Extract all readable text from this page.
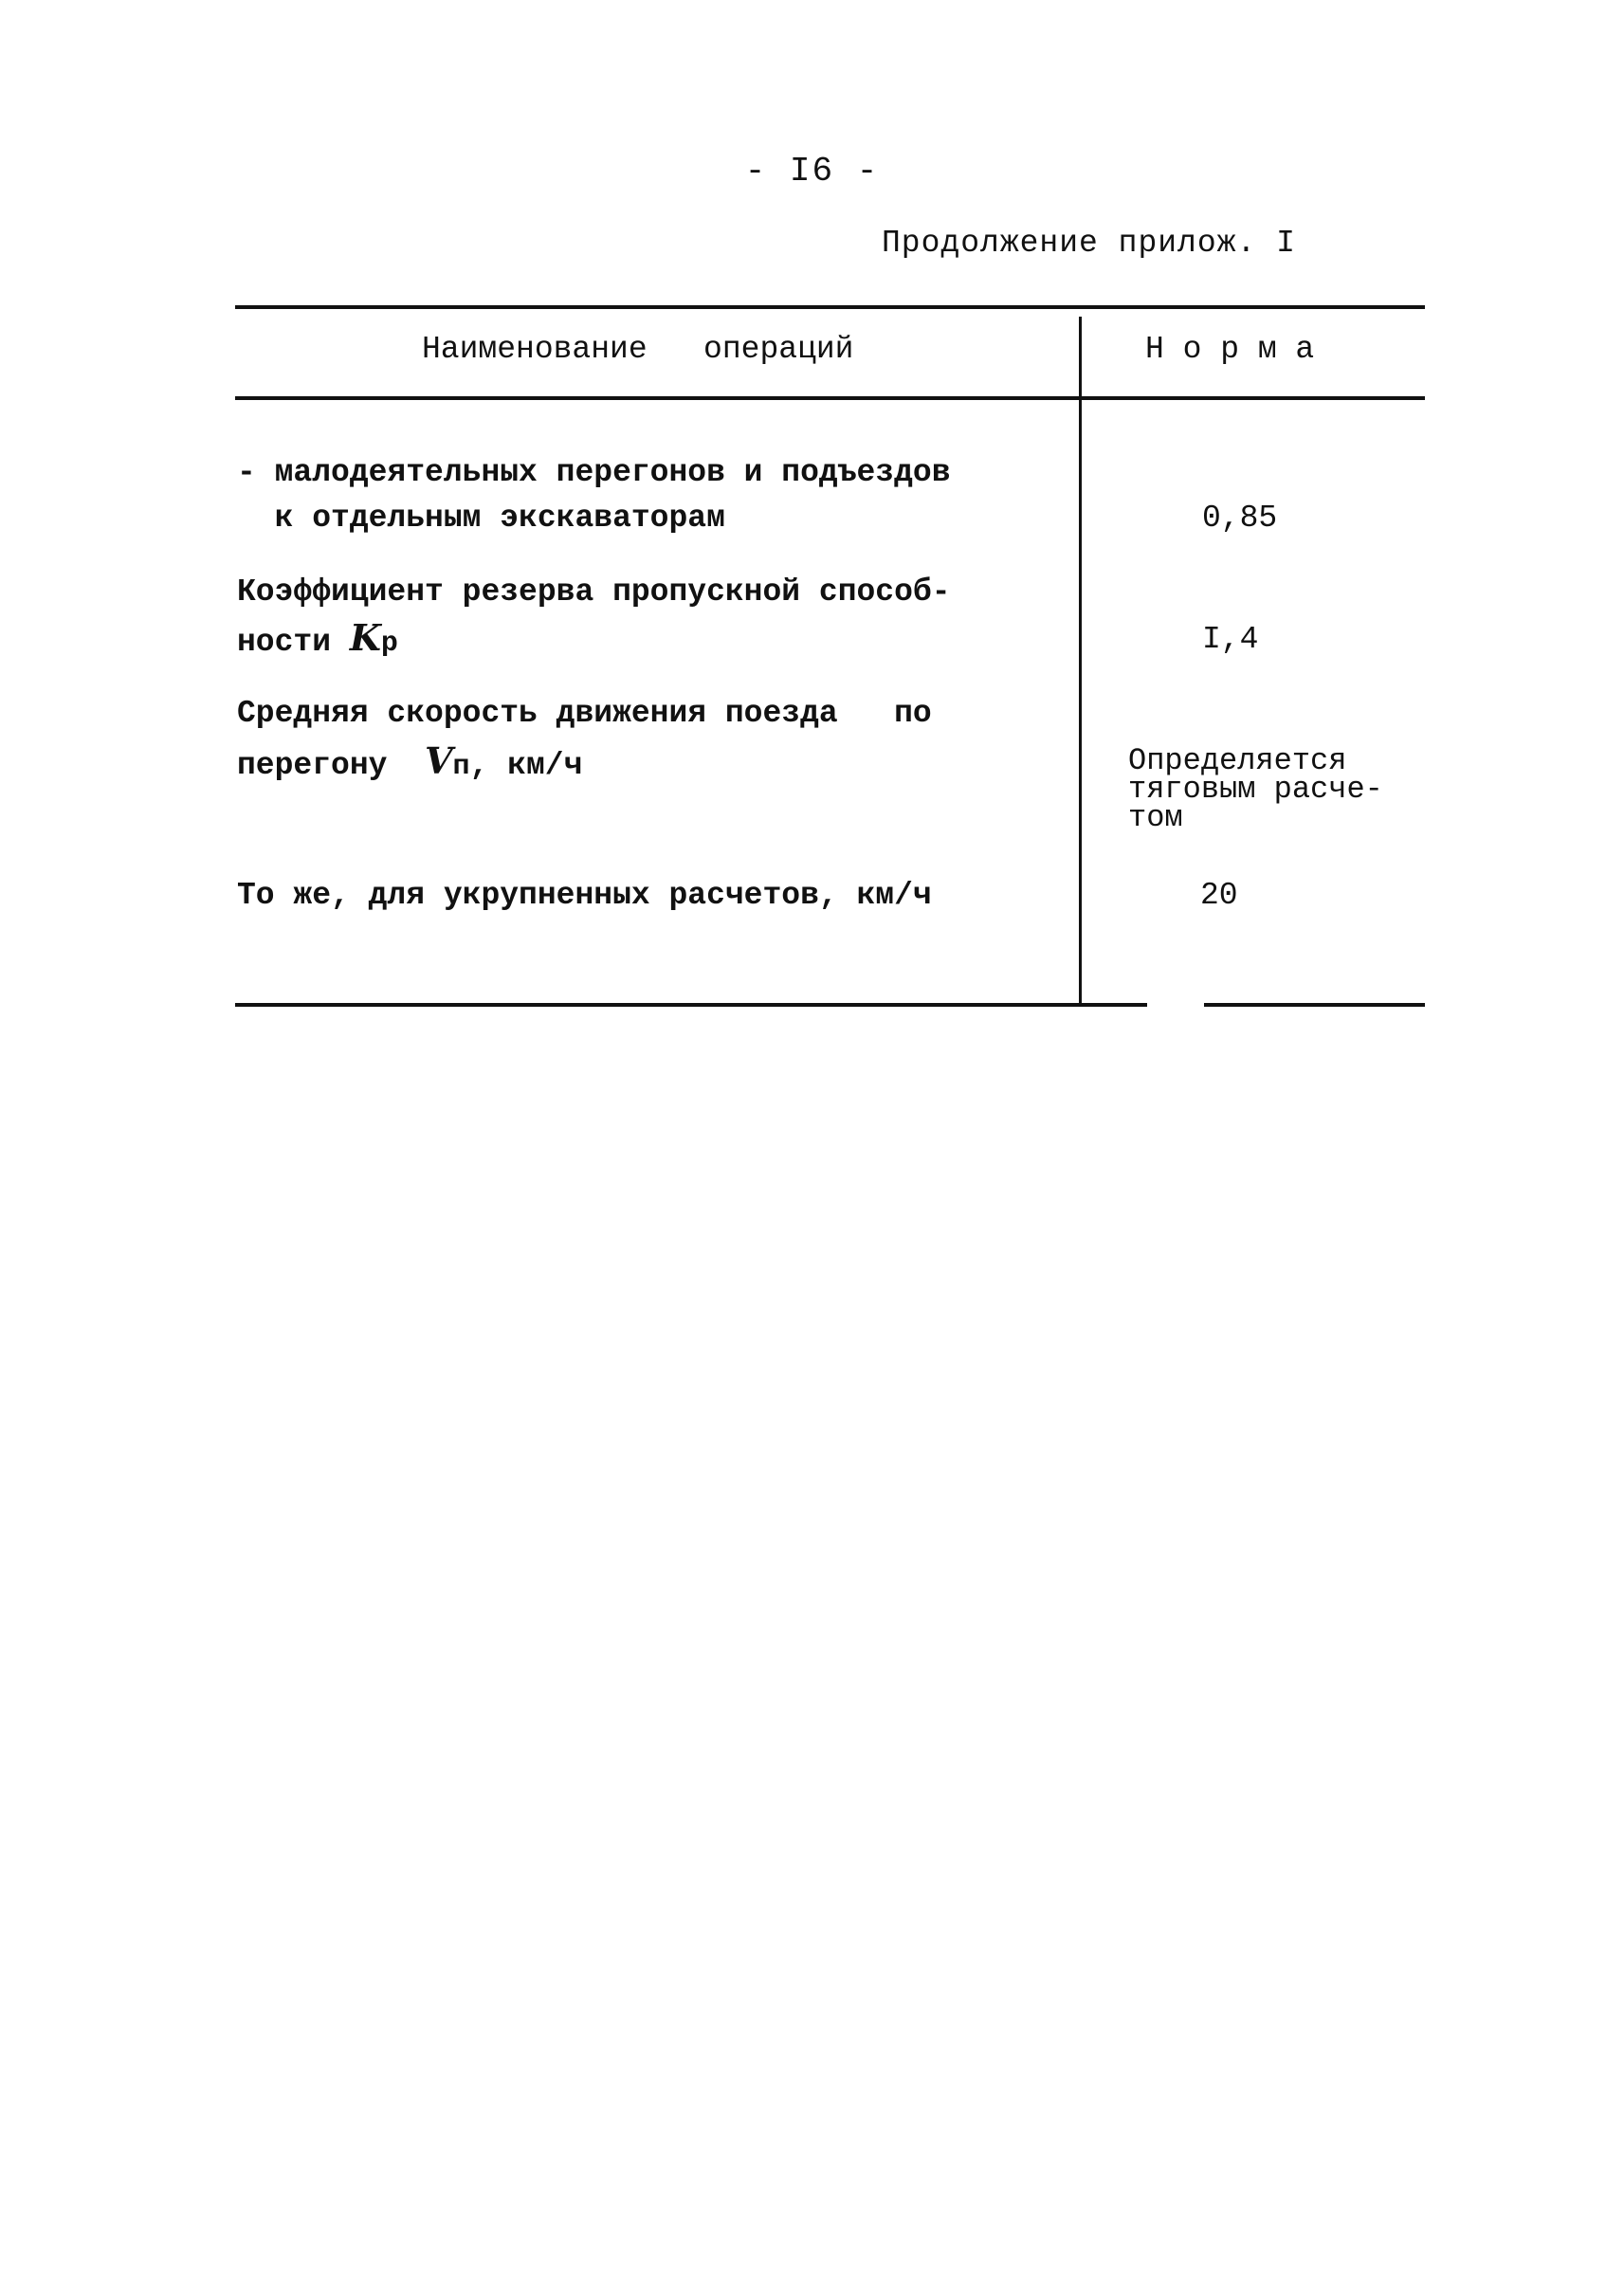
- I6 -
Продолжение прилож. I
Наименование   операций	Н о р м а
- малодеятельных перегонов и подъездов
к отдельным экскаваторам	0,85
Коэффициент резерва пропускной способ-
ности Kр	I,4
Средняя скорость движения поезда   по
перегону  Vп, км/ч	Определяется
тяговым расче-
том
То же, для укрупненных расчетов, км/ч	20
